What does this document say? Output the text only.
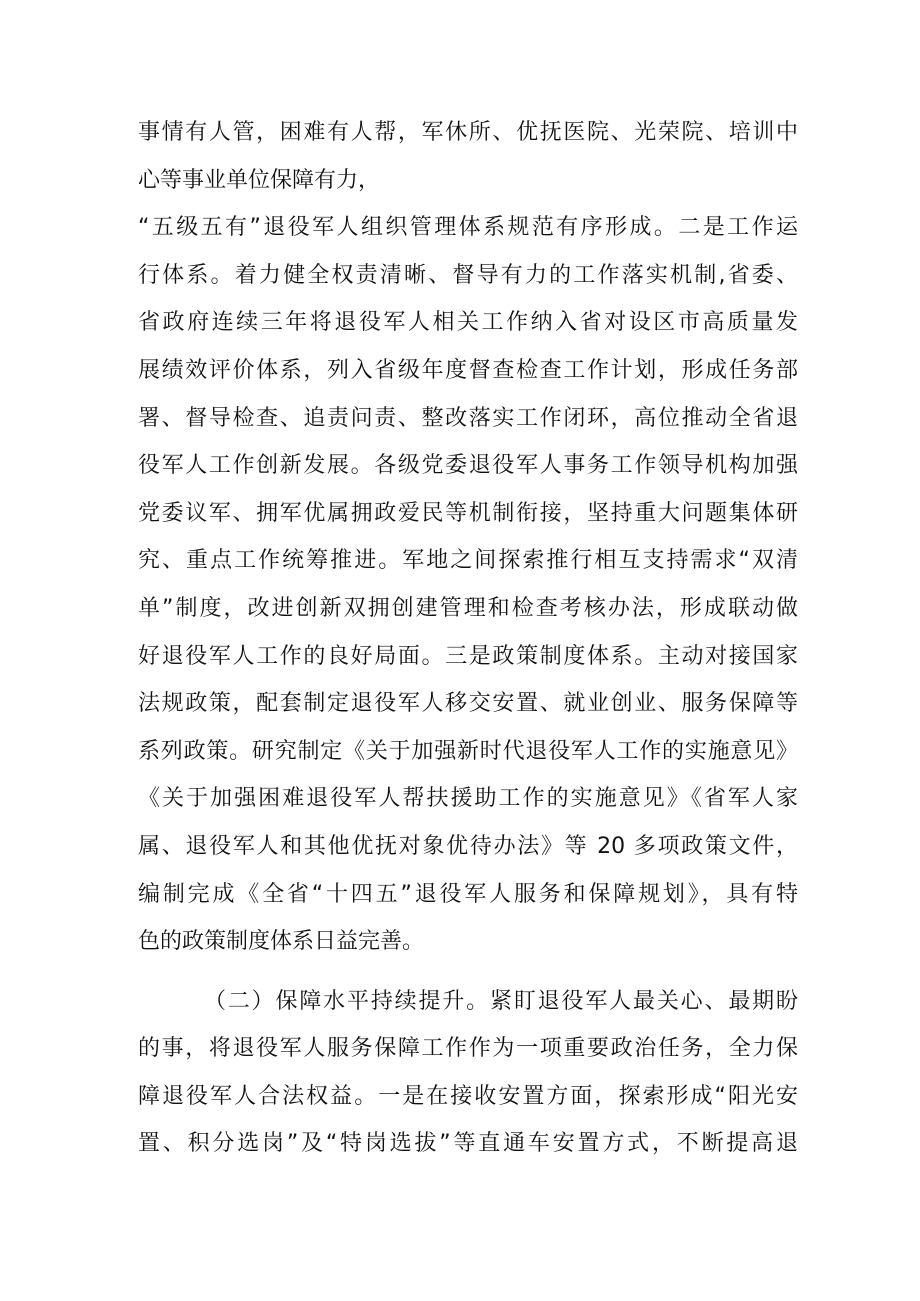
事情有人管，困难有人帮，军休所、优抚医院、光荣院、培训中
心等事业单位保障有力，
“五级五有”退役军人组织管理体系规范有序形成。二是工作运
行体系。着力健全权责清晰、督导有力的工作落实机制,省委、
省政府连续三年将退役军人相关工作纳入省对设区市高质量发
展绩效评价体系，列入省级年度督查检查工作计划，形成任务部
署、督导检查、追责问责、整改落实工作闭环，高位推动全省退
役军人工作创新发展。各级党委退役军人事务工作领导机构加强
党委议军、拥军优属拥政爱民等机制衔接，坚持重大问题集体研
究、重点工作统筹推进。军地之间探索推行相互支持需求“双清
单”制度，改进创新双拥创建管理和检查考核办法，形成联动做
好退役军人工作的良好局面。三是政策制度体系。主动对接国家
法规政策，配套制定退役军人移交安置、就业创业、服务保障等
系列政策。研究制定《关于加强新时代退役军人工作的实施意见》
《关于加强困难退役军人帮扶援助工作的实施意见》《省军人家
属、退役军人和其他优抚对象优待办法》等 20 多项政策文件，
编制完成《全省“十四五”退役军人服务和保障规划》，具有特
色的政策制度体系日益完善。
（二）保障水平持续提升。紧盯退役军人最关心、最期盼
的事，将退役军人服务保障工作作为一项重要政治任务，全力保
障退役军人合法权益。一是在接收安置方面，探索形成“阳光安
置、积分选岗”及“特岗选拔”等直通车安置方式，不断提高退
